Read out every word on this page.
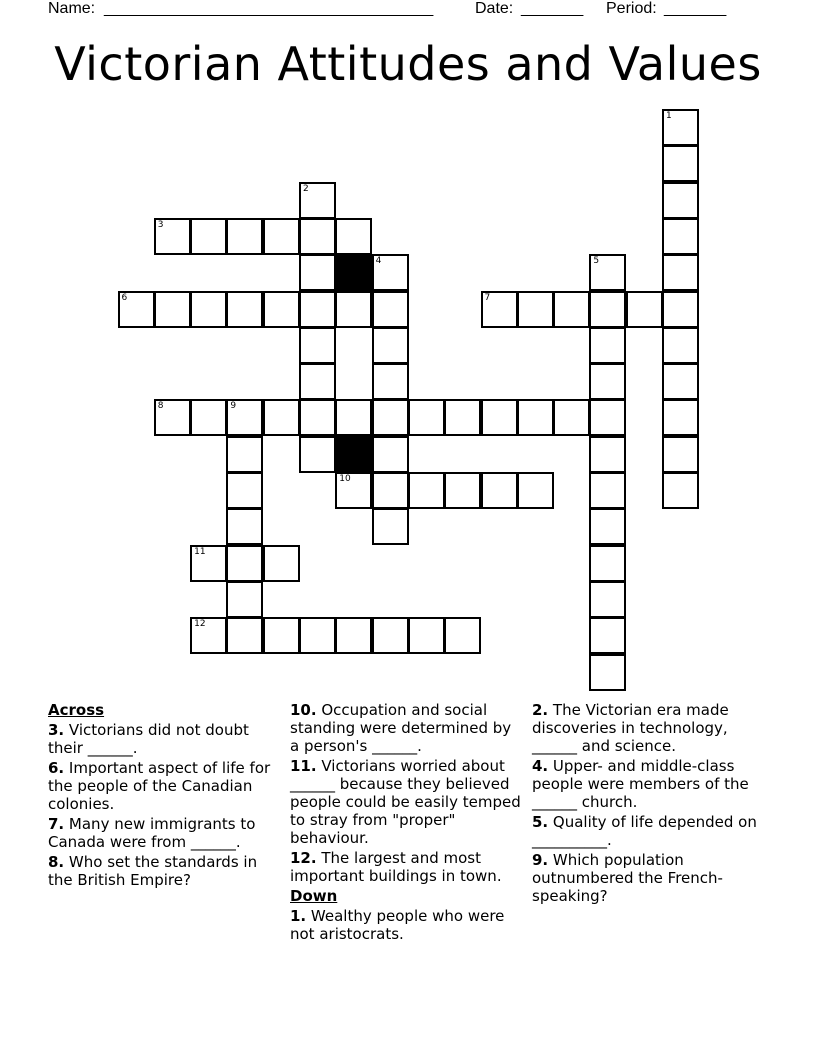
Name: _____________________________________	Date: _______ Period: _______
Victorian Attitudes and Values
1
2
3
4	5
6	7
8	9
10
11
12
Across
3. Victorians did not doubt their ______.
6. Important aspect of life for the people of the Canadian colonies.
7. Many new immigrants to Canada were from ______.
8. Who set the standards in the British Empire?
10. Occupation and social standing were determined by a person's ______.
11. Victorians worried about ______ because they believed people could be easily temped to stray from "proper" behaviour.
12. The largest and most important buildings in town.
Down
1. Wealthy people who were not aristocrats.
2. The Victorian era made discoveries in technology, ______ and science.
4. Upper- and middle-class people were members of the ______ church.
5. Quality of life depended on __________.
9. Which population outnumbered the French-speaking?
